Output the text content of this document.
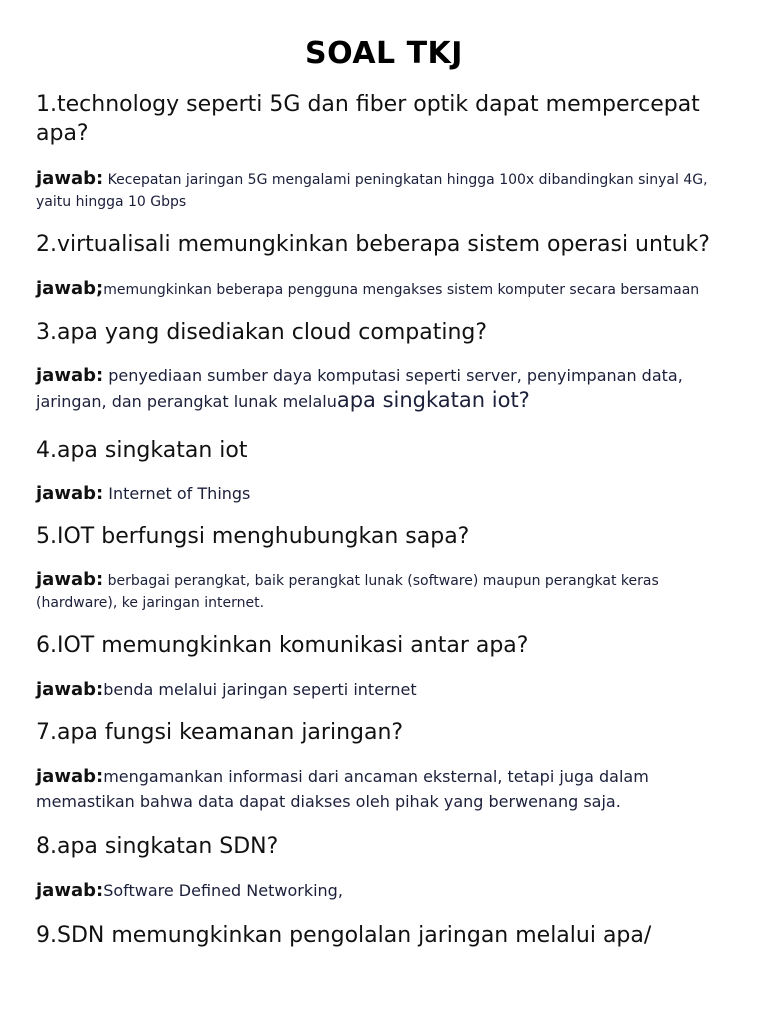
SOAL TKJ

1.technology seperti 5G dan fiber optik dapat mempercepat apa?

jawab: Kecepatan jaringan 5G mengalami peningkatan hingga 100x dibandingkan sinyal 4G, yaitu hingga 10 Gbps

2.virtualisali memungkinkan beberapa sistem operasi untuk?

jawab;memungkinkan beberapa pengguna mengakses sistem komputer secara bersamaan

3.apa yang disediakan cloud compating?

jawab: penyediaan sumber daya komputasi seperti server, penyimpanan data, jaringan, dan perangkat lunak melaluapa singkatan iot?

4.apa singkatan iot

jawab: Internet of Things

5.IOT berfungsi menghubungkan sapa?

jawab: berbagai perangkat, baik perangkat lunak (software) maupun perangkat keras (hardware), ke jaringan internet.

6.IOT memungkinkan komunikasi antar apa?

jawab:benda melalui jaringan seperti internet

7.apa fungsi keamanan jaringan?

jawab:mengamankan informasi dari ancaman eksternal, tetapi juga dalam memastikan bahwa data dapat diakses oleh pihak yang berwenang saja.

8.apa singkatan SDN?

jawab:Software Defined Networking,

9.SDN memungkinkan pengolalan jaringan melalui apa/
